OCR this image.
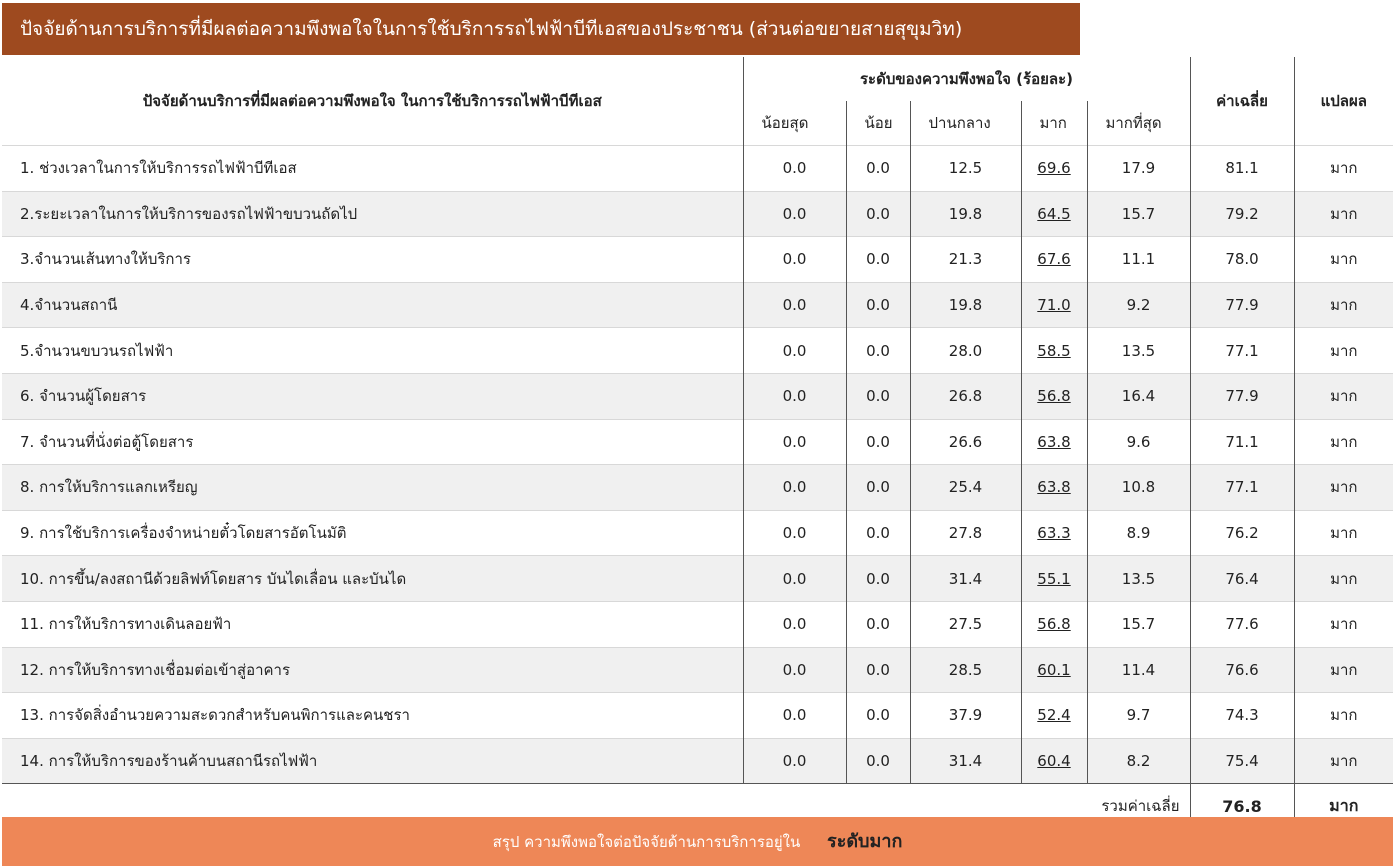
ปัจจัยด้านการบริการที่มีผลต่อความพึงพอใจในการใช้บริการรถไฟฟ้าบีทีเอสของประชาชน (ส่วนต่อขยายสายสุขุมวิท)
ปัจจัยด้านบริการที่มีผลต่อความพึงพอใจ ในการใช้บริการรถไฟฟ้าบีทีเอส	ระดับของความพึงพอใจ (ร้อยละ)					ค่าเฉลี่ย	แปลผล
	น้อยสุด	น้อย	ปานกลาง	มาก	มากที่สุด		
1. ช่วงเวลาในการให้บริการรถไฟฟ้าบีทีเอส	0.0	0.0	12.5	69.6	17.9	81.1	มาก
2.ระยะเวลาในการให้บริการของรถไฟฟ้าขบวนถัดไป	0.0	0.0	19.8	64.5	15.7	79.2	มาก
3.จำนวนเส้นทางให้บริการ	0.0	0.0	21.3	67.6	11.1	78.0	มาก
4.จำนวนสถานี	0.0	0.0	19.8	71.0	9.2	77.9	มาก
5.จำนวนขบวนรถไฟฟ้า	0.0	0.0	28.0	58.5	13.5	77.1	มาก
6. จำนวนผู้โดยสาร	0.0	0.0	26.8	56.8	16.4	77.9	มาก
7. จำนวนที่นั่งต่อตู้โดยสาร	0.0	0.0	26.6	63.8	9.6	71.1	มาก
8. การให้บริการแลกเหรียญ	0.0	0.0	25.4	63.8	10.8	77.1	มาก
9. การใช้บริการเครื่องจำหน่ายตั๋วโดยสารอัตโนมัติ	0.0	0.0	27.8	63.3	8.9	76.2	มาก
10. การขึ้น/ลงสถานีด้วยลิฟท์โดยสาร บันไดเลื่อน และบันได	0.0	0.0	31.4	55.1	13.5	76.4	มาก
11. การให้บริการทางเดินลอยฟ้า	0.0	0.0	27.5	56.8	15.7	77.6	มาก
12. การให้บริการทางเชื่อมต่อเข้าสู่อาคาร	0.0	0.0	28.5	60.1	11.4	76.6	มาก
13. การจัดสิ่งอำนวยความสะดวกสำหรับคนพิการและคนชรา	0.0	0.0	37.9	52.4	9.7	74.3	มาก
14. การให้บริการของร้านค้าบนสถานีรถไฟฟ้า	0.0	0.0	31.4	60.4	8.2	75.4	มาก
รวมค่าเฉลี่ย						76.8	มาก
สรุป ความพึงพอใจต่อปัจจัยด้านการบริการอยู่ใน ระดับมาก
